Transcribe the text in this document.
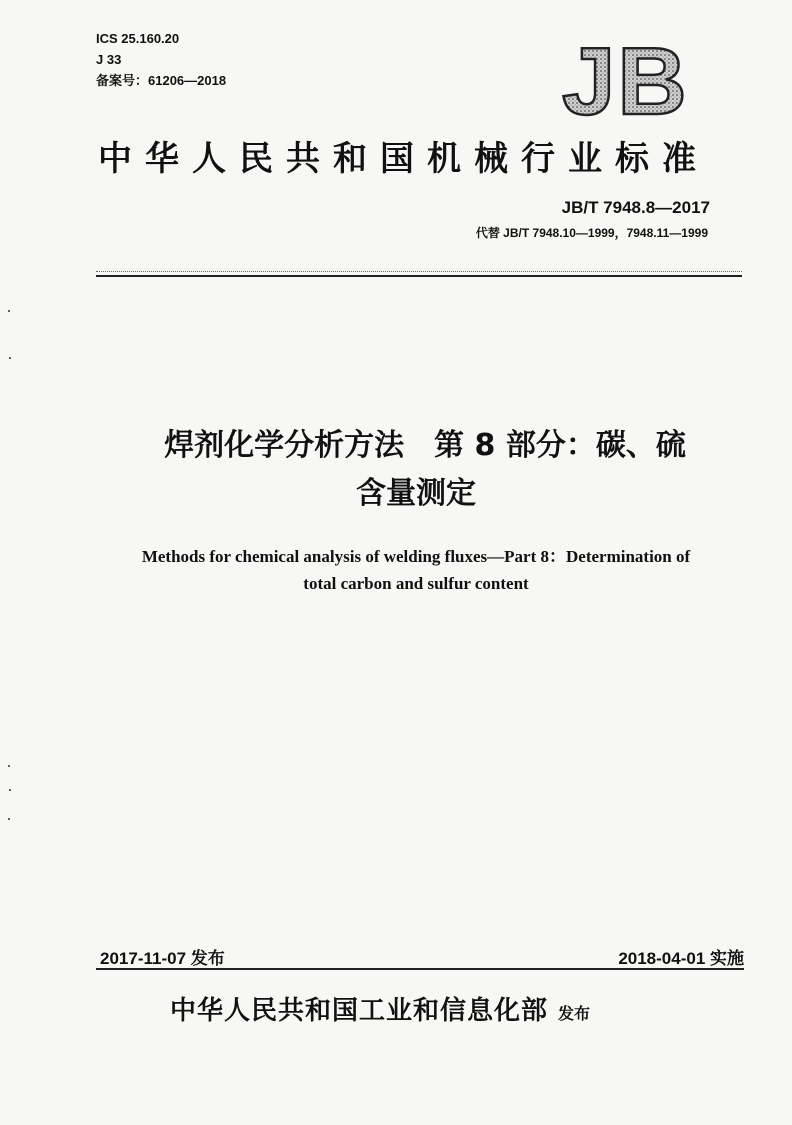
ICS 25.160.20
J 33
备案号：61206—2018	JB
中华人民共和国机械行业标准
JB/T 7948.8—2017
代替 JB/T 7948.10—1999，7948.11—1999
焊剂化学分析方法　第 8 部分：碳、硫
含量测定
Methods for chemical analysis of welding fluxes—Part 8：Determination of
total carbon and sulfur content
2017-11-07 发布	2018-04-01 实施
中华人民共和国工业和信息化部 发布
